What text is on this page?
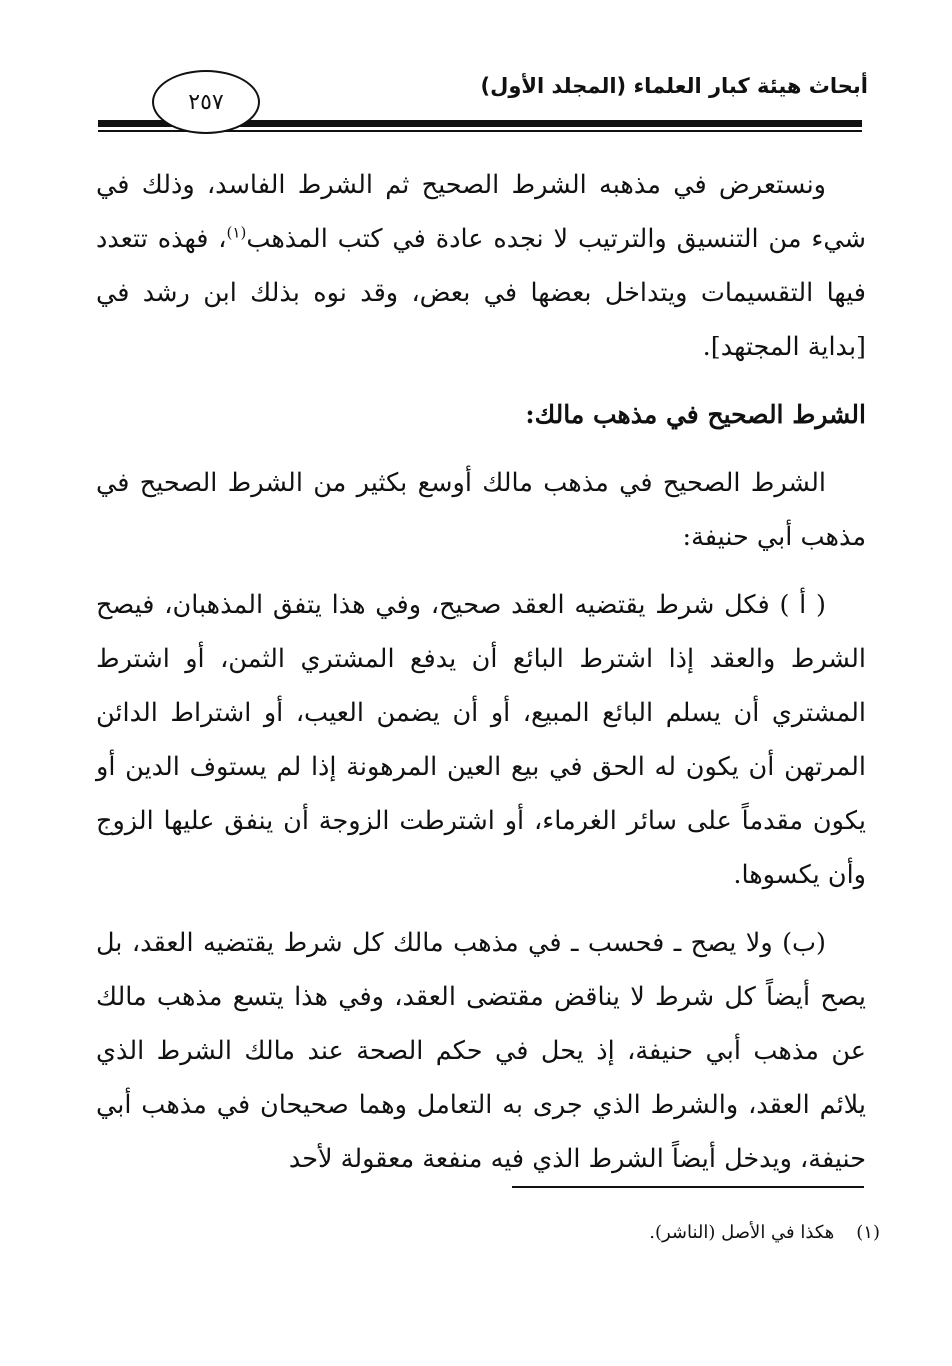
أبحاث هيئة كبار العلماء (المجلد الأول)
٢٥٧

ونستعرض في مذهبه الشرط الصحيح ثم الشرط الفاسد، وذلك في شيء من التنسيق والترتيب لا نجده عادة في كتب المذهب$^{(١)}$، فهذه تتعدد فيها التقسيمات ويتداخل بعضها في بعض، وقد نوه بذلك ابن رشد في [بداية المجتهد].

الشرط الصحيح في مذهب مالك:

الشرط الصحيح في مذهب مالك أوسع بكثير من الشرط الصحيح في مذهب أبي حنيفة:

( أ ) فكل شرط يقتضيه العقد صحيح، وفي هذا يتفق المذهبان، فيصح الشرط والعقد إذا اشترط البائع أن يدفع المشتري الثمن، أو اشترط المشتري أن يسلم البائع المبيع، أو أن يضمن العيب، أو اشتراط الدائن المرتهن أن يكون له الحق في بيع العين المرهونة إذا لم يستوف الدين أو يكون مقدماً على سائر الغرماء، أو اشترطت الزوجة أن ينفق عليها الزوج وأن يكسوها.

(ب) ولا يصح ـ فحسب ـ في مذهب مالك كل شرط يقتضيه العقد، بل يصح أيضاً كل شرط لا يناقض مقتضى العقد، وفي هذا يتسع مذهب مالك عن مذهب أبي حنيفة، إذ يحل في حكم الصحة عند مالك الشرط الذي يلائم العقد، والشرط الذي جرى به التعامل وهما صحيحان في مذهب أبي حنيفة، ويدخل أيضاً الشرط الذي فيه منفعة معقولة لأحد

(١)هكذا في الأصل (الناشر).
